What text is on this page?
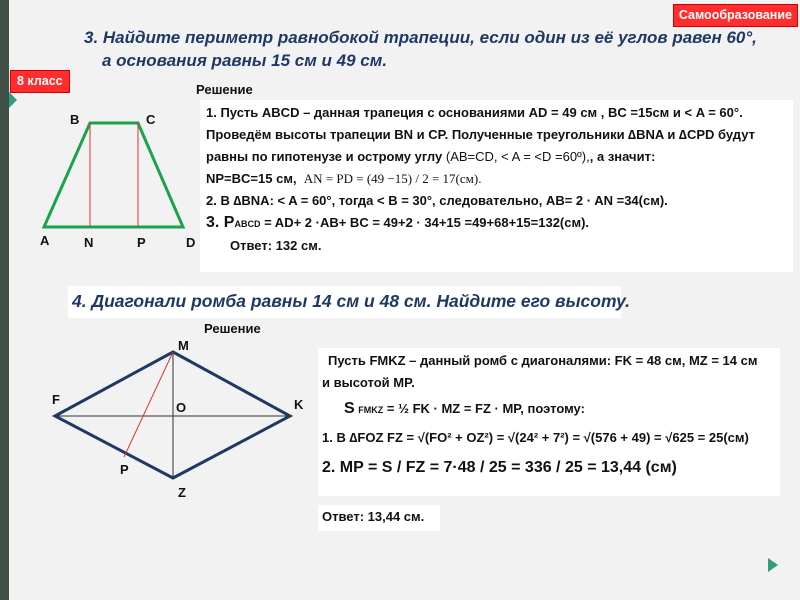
Самообразование
8 класс
3. Найдите периметр равнобокой трапеции, если один из её углов равен 60°,
а основания равны 15 см и 49 см.
Решение
B	C
A	N	P	D
M
F
O	K
P
Z
1. Пусть ABCD – данная трапеция с основаниями AD = 49 см , BC =15см и < A = 60°.
Проведём высоты трапеции BN и CP. Полученные треугольники ∆BNA и ∆CPD будут
равны по гипотенузе и острому углу (AB=CD, < A = <D =60º),, а значит:
NP=BC=15 см, AN = PD = (49 −15) / 2 = 17(см).
2. В ∆BNA: < A = 60°, тогда < B = 30°, следовательно, AB= 2 · AN =34(см).
3. PABCD = AD+ 2 ·AB+ BC = 49+2 · 34+15 =49+68+15=132(см).
Ответ: 132 см.
4. Диагонали ромба равны 14 см и 48 см. Найдите его высоту.
Решение
Пусть FMKZ – данный ромб с диагоналями: FK = 48 см, MZ = 14 см
и высотой MP.
S FMKZ = ½ FK · MZ = FZ · MP, поэтому:
1. В ∆FOZ FZ = √(FO² + OZ²) = √(24² + 7²) = √(576 + 49) = √625 = 25(см)
2. MP = S / FZ = 7·48 / 25 = 336 / 25 = 13,44 (см)
Ответ: 13,44 см.
